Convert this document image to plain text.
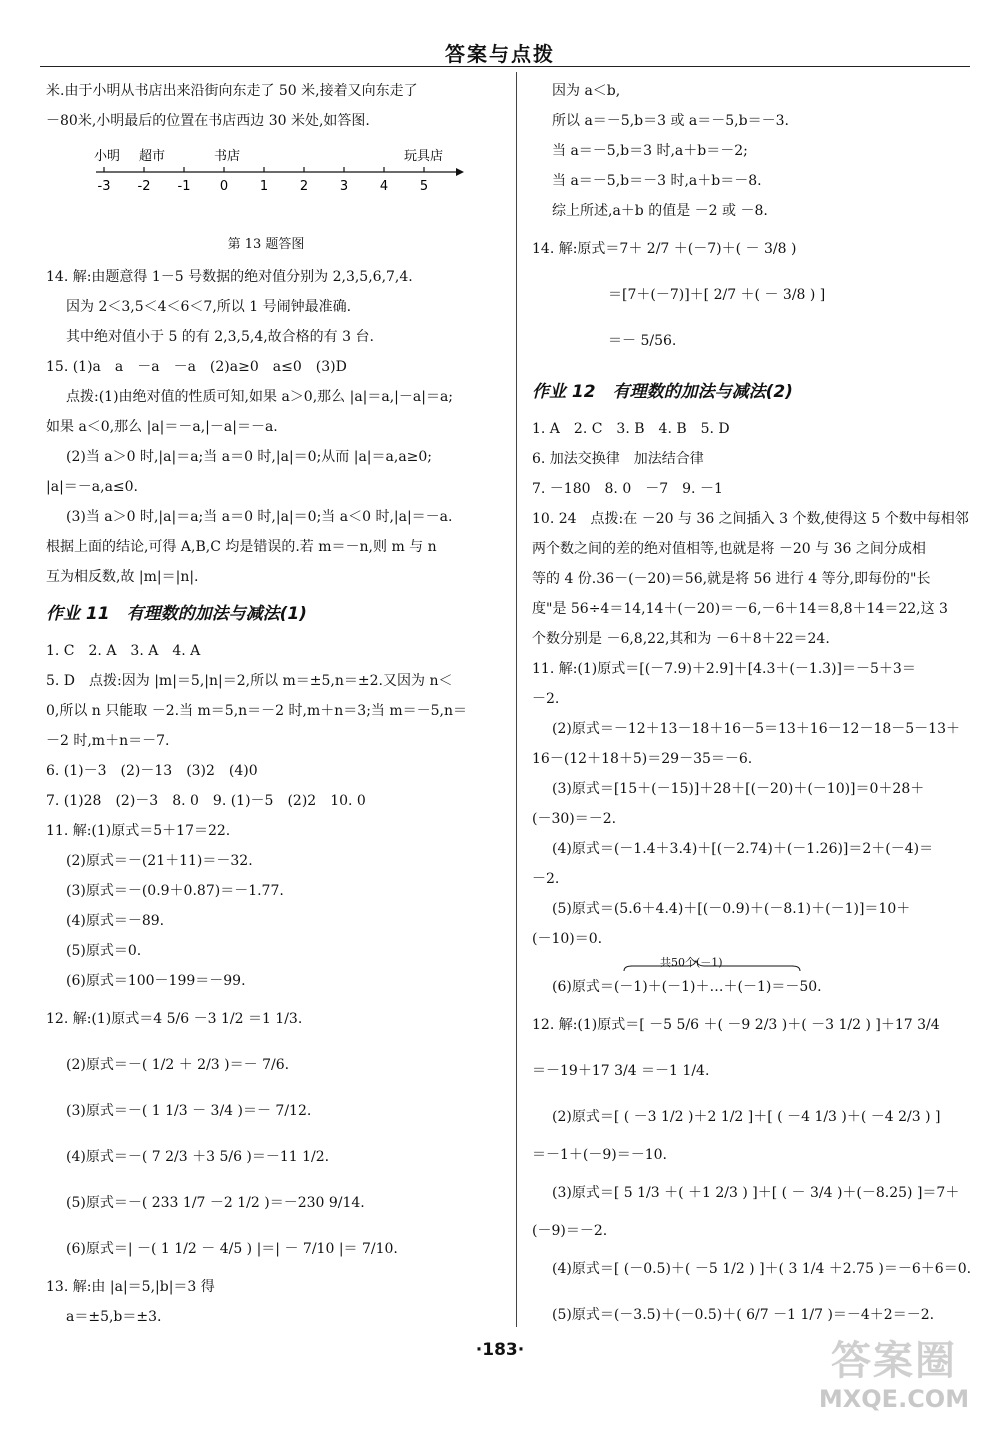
答案与点拨
米.由于小明从书店出来沿街向东走了 50 米,接着又向东走了
－80米,小明最后的位置在书店西边 30 米处,如答图.
-3 -2 -1 0 1 2 3 4 5
小明 超市	书店	玩具店
第 13 题答图
14. 解:由题意得 1－5 号数据的绝对值分别为 2,3,5,6,7,4.
因为 2＜3,5＜4＜6＜7,所以 1 号闹钟最准确.
其中绝对值小于 5 的有 2,3,5,4,故合格的有 3 台.
15. (1)a　a　－a　－a　(2)a≥0　a≤0　(3)D
点拨:(1)由绝对值的性质可知,如果 a＞0,那么 |a|＝a,|－a|＝a;
如果 a＜0,那么 |a|＝－a,|－a|＝－a.
(2)当 a＞0 时,|a|＝a;当 a＝0 时,|a|＝0;从而 |a|＝a,a≥0;
|a|＝－a,a≤0.
(3)当 a＞0 时,|a|＝a;当 a＝0 时,|a|＝0;当 a＜0 时,|a|＝－a.
根据上面的结论,可得 A,B,C 均是错误的.若 m＝－n,则 m 与 n
互为相反数,故 |m|＝|n|.
作业 11　有理数的加法与减法(1)
1. C　2. A　3. A　4. A
5. D　点拨:因为 |m|＝5,|n|＝2,所以 m＝±5,n＝±2.又因为 n＜
0,所以 n 只能取 －2.当 m＝5,n＝－2 时,m＋n＝3;当 m＝－5,n＝
－2 时,m＋n＝－7.
6. (1)－3　(2)－13　(3)2　(4)0
7. (1)28　(2)－3　8. 0　9. (1)－5　(2)2　10. 0
11. 解:(1)原式＝5＋17＝22.
(2)原式＝－(21＋11)＝－32.
(3)原式＝－(0.9＋0.87)＝－1.77.
(4)原式＝－89.
(5)原式＝0.
(6)原式＝100－199＝－99.
12. 解:(1)原式＝4 5/6 －3 1/2 ＝1 1/3.
(2)原式＝－( 1/2 ＋ 2/3 )＝－ 7/6.
(3)原式＝－( 1 1/3 － 3/4 )＝－ 7/12.
(4)原式＝－( 7 2/3 ＋3 5/6 )＝－11 1/2.
(5)原式＝－( 233 1/7 －2 1/2 )＝－230 9/14.
(6)原式＝| －( 1 1/2 － 4/5 ) |＝| － 7/10 |＝ 7/10.
13. 解:由 |a|＝5,|b|＝3 得
a＝±5,b＝±3.
因为 a＜b,
所以 a＝－5,b＝3 或 a＝－5,b＝－3.
当 a＝－5,b＝3 时,a＋b＝－2;
当 a＝－5,b＝－3 时,a＋b＝－8.
综上所述,a＋b 的值是 －2 或 －8.
14. 解:原式＝7＋ 2/7 ＋(－7)＋( － 3/8 )
＝[7＋(－7)]＋[ 2/7 ＋( － 3/8 ) ]
＝－ 5/56.
作业 12　有理数的加法与减法(2)
1. A　2. C　3. B　4. B　5. D
6. 加法交换律　加法结合律
7. －180　8. 0　－7　9. －1
10. 24　点拨:在 －20 与 36 之间插入 3 个数,使得这 5 个数中每相邻
两个数之间的差的绝对值相等,也就是将 －20 与 36 之间分成相
等的 4 份.36－(－20)＝56,就是将 56 进行 4 等分,即每份的"长
度"是 56÷4＝14,14＋(－20)＝－6,－6＋14＝8,8＋14＝22,这 3
个数分别是 －6,8,22,其和为 －6＋8＋22＝24.
11. 解:(1)原式＝[(－7.9)＋2.9]＋[4.3＋(－1.3)]＝－5＋3＝
－2.
(2)原式＝－12＋13－18＋16－5＝13＋16－12－18－5－13＋
16－(12＋18＋5)＝29－35＝－6.
(3)原式＝[15＋(－15)]＋28＋[(－20)＋(－10)]＝0＋28＋
(－30)＝－2.
(4)原式＝(－1.4＋3.4)＋[(－2.74)＋(－1.26)]＝2＋(－4)＝
－2.
(5)原式＝(5.6＋4.4)＋[(－0.9)＋(－8.1)＋(－1)]＝10＋
(－10)＝0.
共50个(－1)
(6)原式＝(－1)＋(－1)＋…＋(－1)＝－50.
12. 解:(1)原式＝[ －5 5/6 ＋( －9 2/3 )＋( －3 1/2 ) ]＋17 3/4
＝－19＋17 3/4 ＝－1 1/4.
(2)原式＝[ ( －3 1/2 )＋2 1/2 ]＋[ ( －4 1/3 )＋( －4 2/3 ) ]
＝－1＋(－9)＝－10.
(3)原式＝[ 5 1/3 ＋( ＋1 2/3 ) ]＋[ ( － 3/4 )＋(－8.25) ]＝7＋
(－9)＝－2.
(4)原式＝[ (－0.5)＋( －5 1/2 ) ]＋( 3 1/4 ＋2.75 )＝－6＋6＝0.
(5)原式＝(－3.5)＋(－0.5)＋( 6/7 －1 1/7 )＝－4＋2＝－2.
·183·	答案圈
MXQE.COM
